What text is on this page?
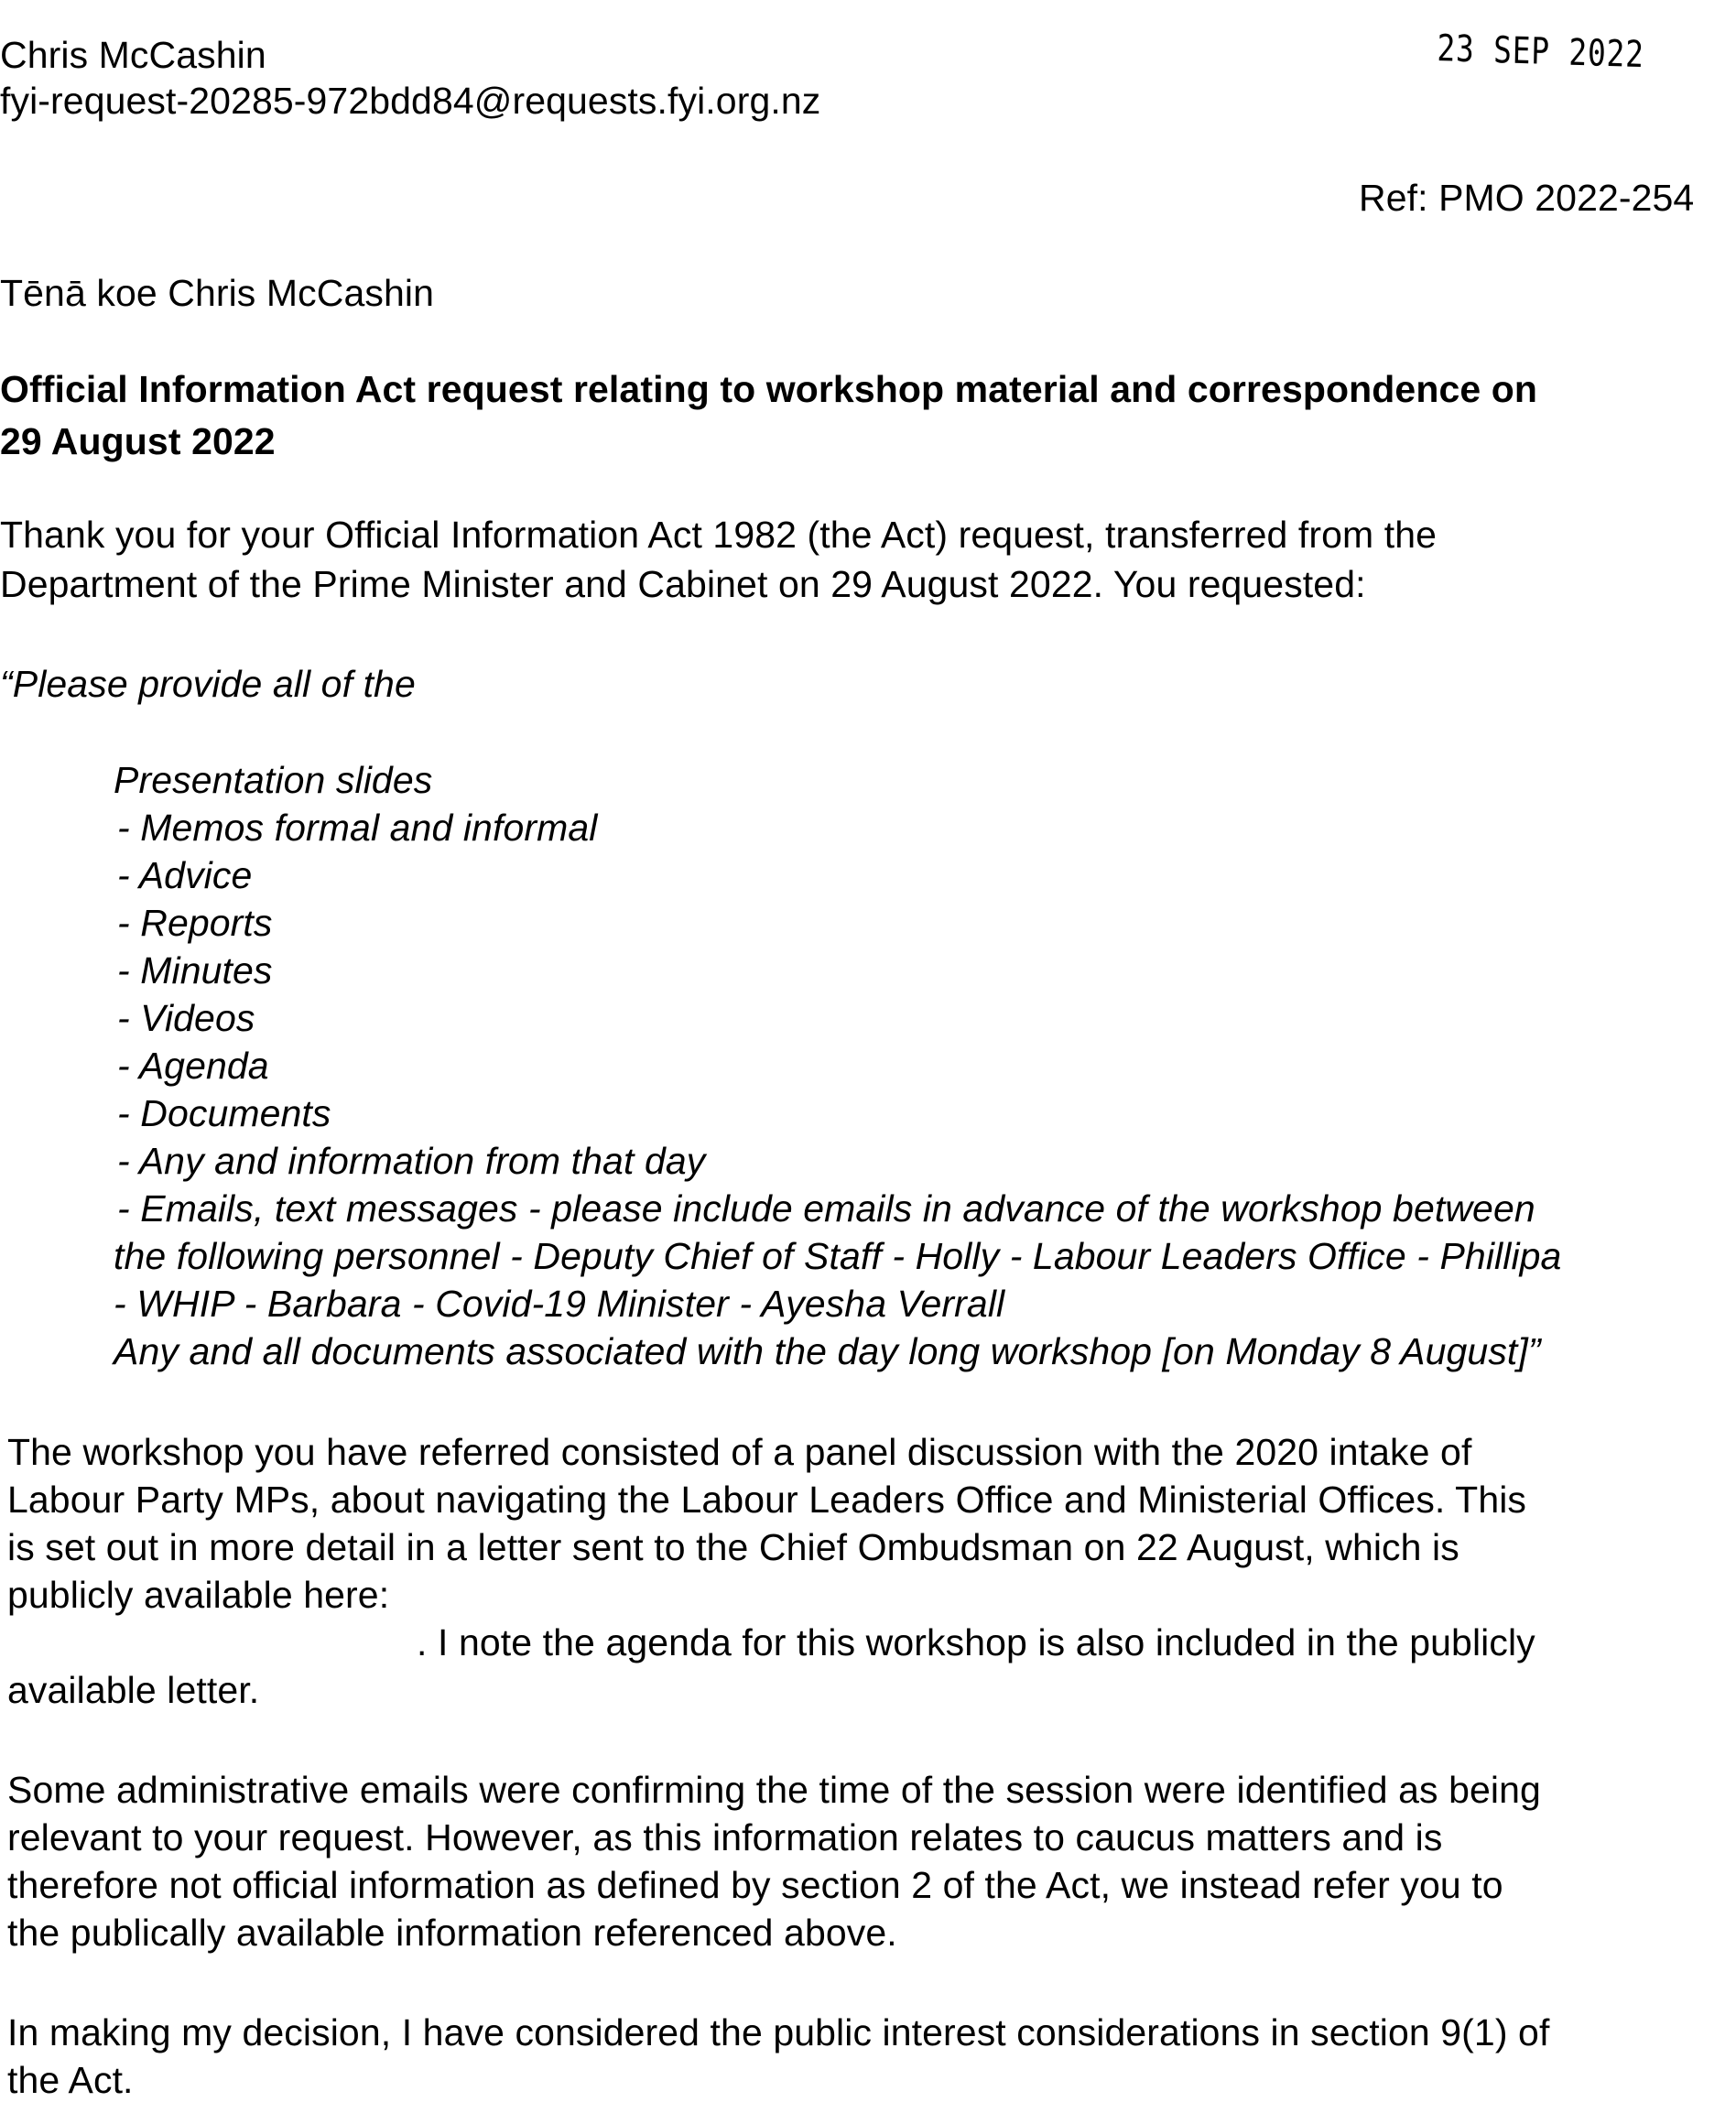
Chris McCashin
fyi-request-20285-972bdd84@requests.fyi.org.nz
23 SEP 2022
Ref: PMO 2022-254
Tēnā koe Chris McCashin
Official Information Act request relating to workshop material and correspondence on
29 August 2022
Thank you for your Official Information Act 1982 (the Act) request, transferred from the
Department of the Prime Minister and Cabinet on 29 August 2022. You requested:
“Please provide all of the
Presentation slides
- Memos formal and informal
- Advice
- Reports
- Minutes
- Videos
- Agenda
- Documents
- Any and information from that day
- Emails, text messages - please include emails in advance of the workshop between
the following personnel - Deputy Chief of Staff - Holly - Labour Leaders Office - Phillipa
- WHIP - Barbara - Covid-19 Minister - Ayesha Verrall
Any and all documents associated with the day long workshop [on Monday 8 August]”
The workshop you have referred consisted of a panel discussion with the 2020 intake of
Labour Party MPs, about navigating the Labour Leaders Office and Ministerial Offices. This
is set out in more detail in a letter sent to the Chief Ombudsman on 22 August, which is
publicly available here:
. I note the agenda for this workshop is also included in the publicly
available letter.
Some administrative emails were confirming the time of the session were identified as being
relevant to your request. However, as this information relates to caucus matters and is
therefore not official information as defined by section 2 of the Act, we instead refer you to
the publically available information referenced above.
In making my decision, I have considered the public interest considerations in section 9(1) of
the Act.
